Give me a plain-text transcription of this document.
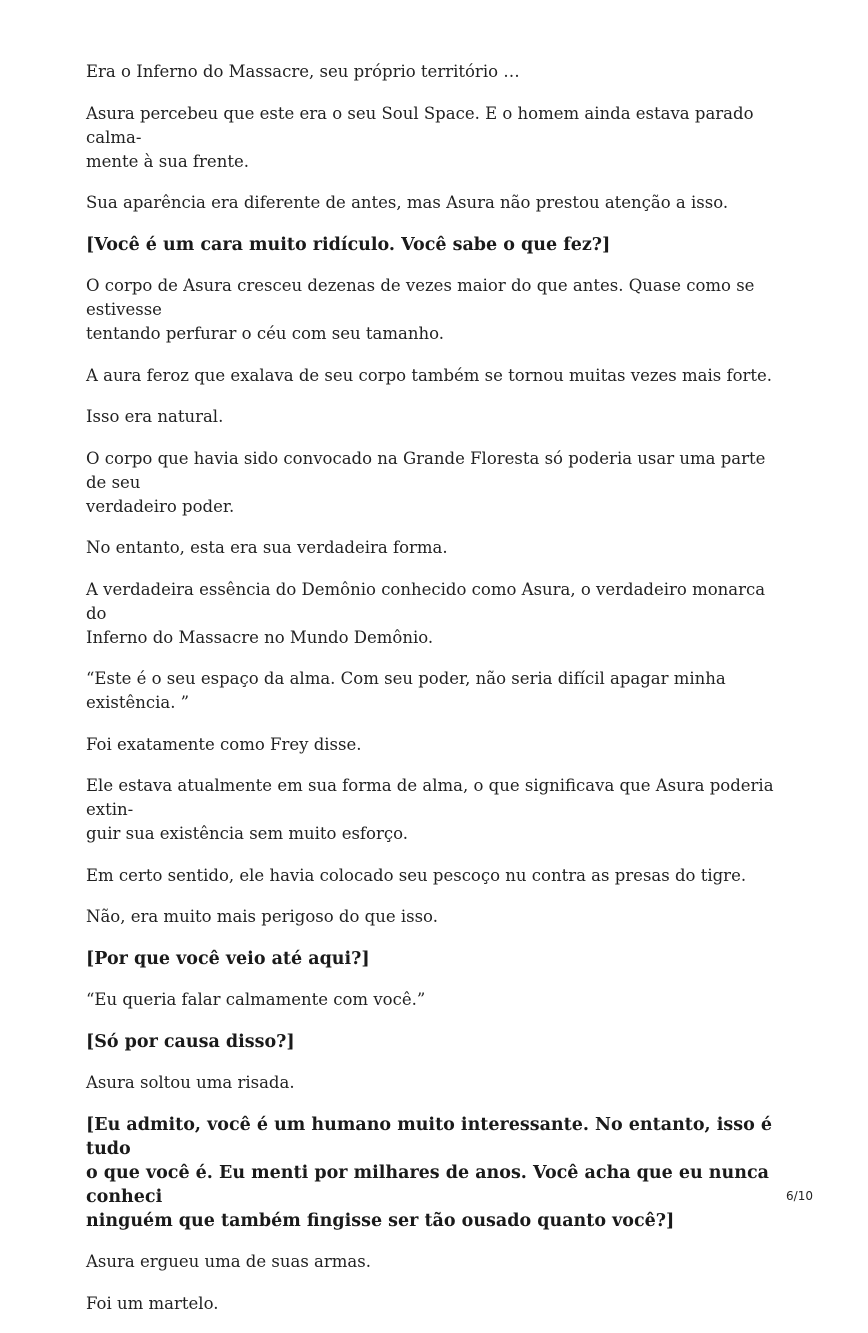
Era o Inferno do Massacre, seu próprio território …

Asura percebeu que este era o seu Soul Space. E o homem ainda estava parado calma-
mente à sua frente.

Sua aparência era diferente de antes, mas Asura não prestou atenção a isso.

[Você é um cara muito ridículo. Você sabe o que fez?]

O corpo de Asura cresceu dezenas de vezes maior do que antes. Quase como se estivesse
tentando perfurar o céu com seu tamanho.

A aura feroz que exalava de seu corpo também se tornou muitas vezes mais forte.

Isso era natural.

O corpo que havia sido convocado na Grande Floresta só poderia usar uma parte de seu
verdadeiro poder.

No entanto, esta era sua verdadeira forma.

A verdadeira essência do Demônio conhecido como Asura, o verdadeiro monarca do
Inferno do Massacre no Mundo Demônio.

“Este é o seu espaço da alma. Com seu poder, não seria difícil apagar minha existência. ”

Foi exatamente como Frey disse.

Ele estava atualmente em sua forma de alma, o que significava que Asura poderia extin-
guir sua existência sem muito esforço.

Em certo sentido, ele havia colocado seu pescoço nu contra as presas do tigre.

Não, era muito mais perigoso do que isso.

[Por que você veio até aqui?]

“Eu queria falar calmamente com você.”

[Só por causa disso?]

Asura soltou uma risada.

[Eu admito, você é um humano muito interessante. No entanto, isso é tudo
o que você é. Eu menti por milhares de anos. Você acha que eu nunca conheci
ninguém que também fingisse ser tão ousado quanto você?]

Asura ergueu uma de suas armas.

Foi um martelo.

6/10
